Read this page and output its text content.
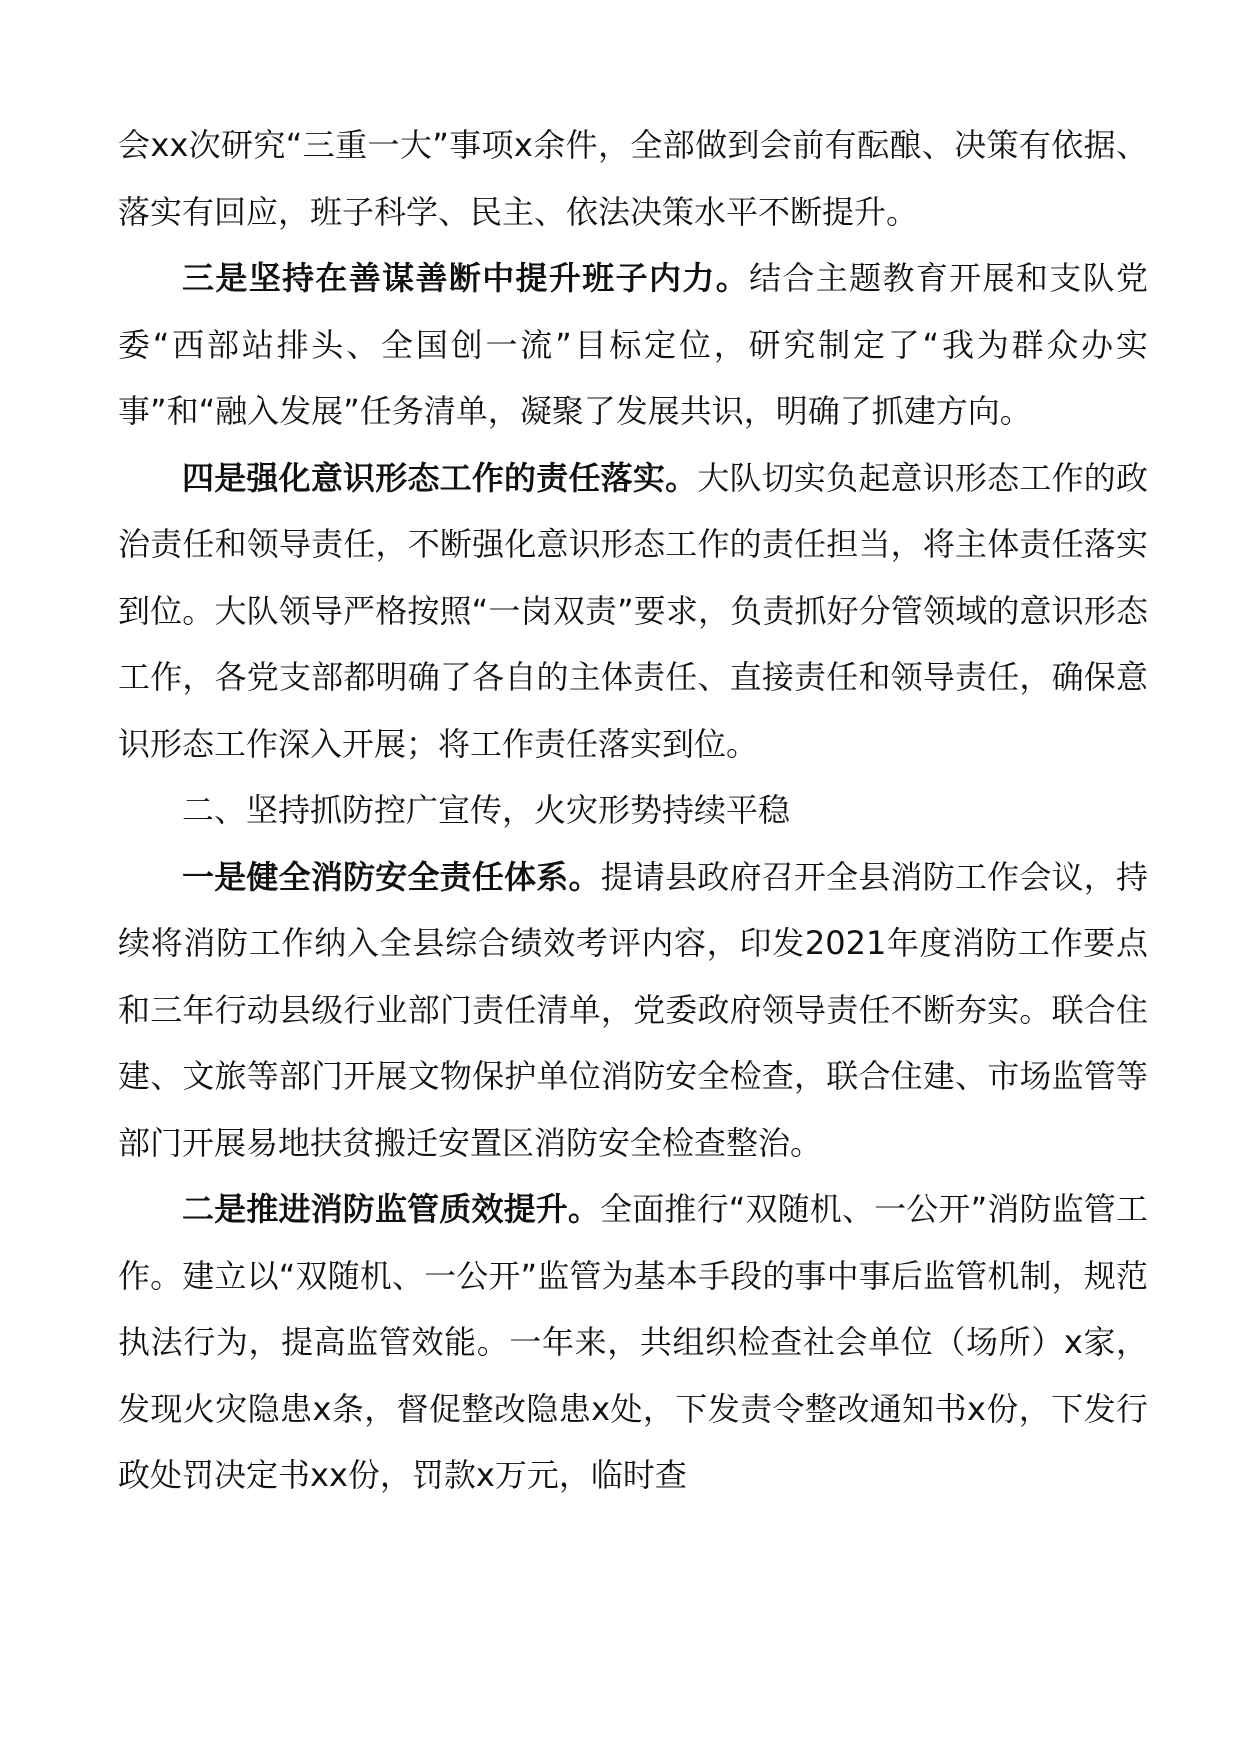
会xx次研究“三重一大”事项x余件，全部做到会前有酝酿、决策有依据、落实有回应，班子科学、民主、依法决策水平不断提升。

三是坚持在善谋善断中提升班子内力。结合主题教育开展和支队党委“西部站排头、全国创一流”目标定位，研究制定了“我为群众办实事”和“融入发展”任务清单，凝聚了发展共识，明确了抓建方向。

四是强化意识形态工作的责任落实。大队切实负起意识形态工作的政治责任和领导责任，不断强化意识形态工作的责任担当，将主体责任落实到位。大队领导严格按照“一岗双责”要求，负责抓好分管领域的意识形态工作，各党支部都明确了各自的主体责任、直接责任和领导责任，确保意识形态工作深入开展；将工作责任落实到位。

二、坚持抓防控广宣传，火灾形势持续平稳

一是健全消防安全责任体系。提请县政府召开全县消防工作会议，持续将消防工作纳入全县综合绩效考评内容，印发2021年度消防工作要点和三年行动县级行业部门责任清单，党委政府领导责任不断夯实。联合住建、文旅等部门开展文物保护单位消防安全检查，联合住建、市场监管等部门开展易地扶贫搬迁安置区消防安全检查整治。

二是推进消防监管质效提升。全面推行“双随机、一公开”消防监管工作。建立以“双随机、一公开”监管为基本手段的事中事后监管机制，规范执法行为，提高监管效能。一年来，共组织检查社会单位（场所）x家，发现火灾隐患x条，督促整改隐患x处，下发责令整改通知书x份，下发行政处罚决定书xx份，罚款x万元，临时查
